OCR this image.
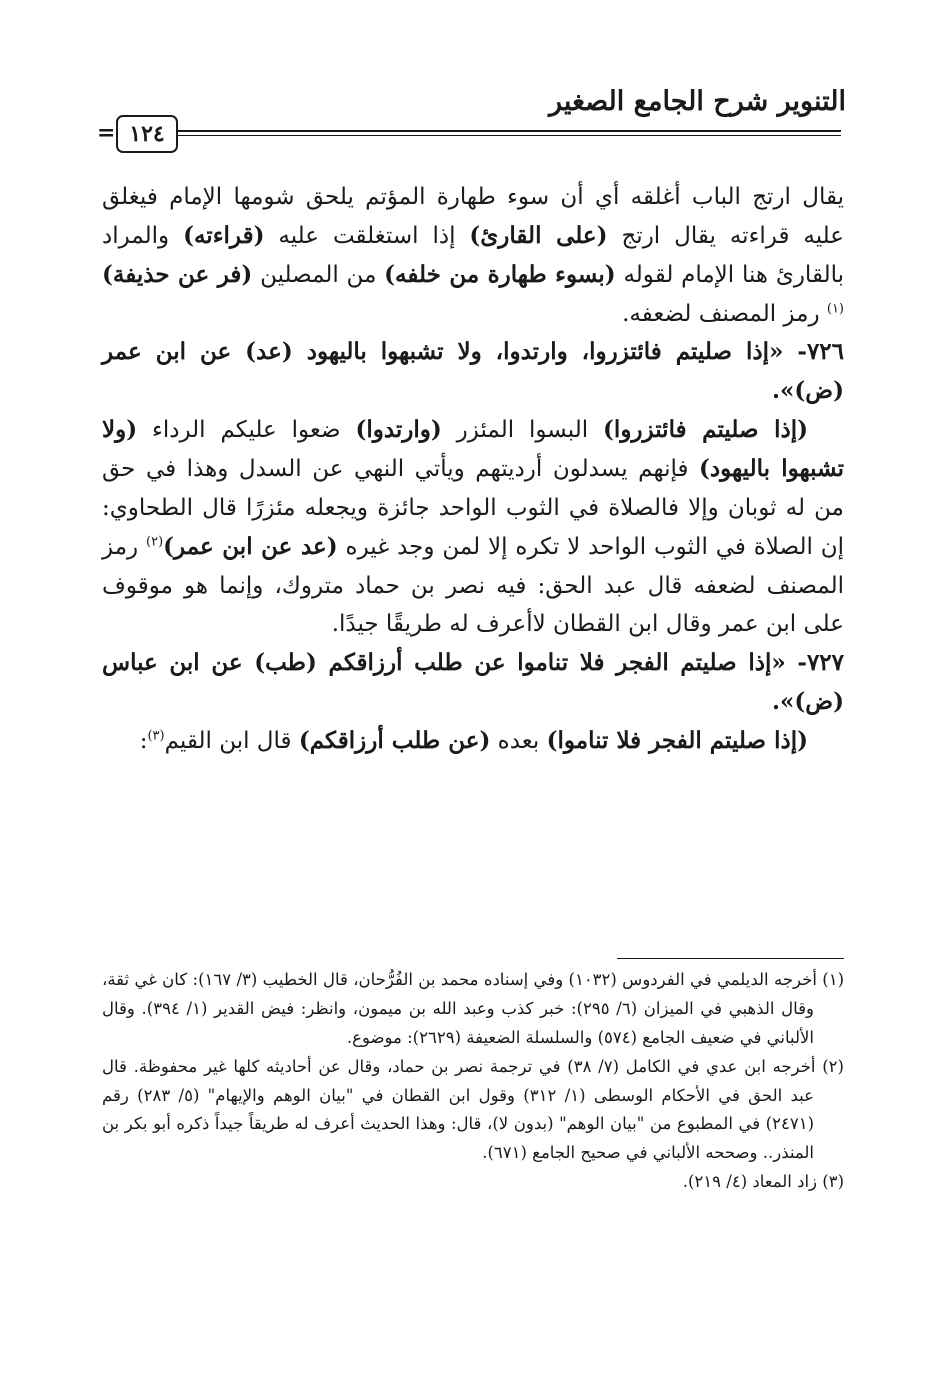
التنوير شرح الجامع الصغير
١٢٤
=

يقال ارتج الباب أغلقه أي أن سوء طهارة المؤتم يلحق شومها الإمام فيغلق عليه قراءته يقال ارتج (على القارئ) إذا استغلقت عليه (قراءته) والمراد بالقارئ هنا الإمام لقوله (بسوء طهارة من خلفه) من المصلين (فر عن حذيفة)$^{(١)}$ رمز المصنف لضعفه.

٧٢٦- «إذا صليتم فائتزروا، وارتدوا، ولا تشبهوا باليهود (عد) عن ابن عمر (ض)».

(إذا صليتم فائتزروا) البسوا المئزر (وارتدوا) ضعوا عليكم الرداء (ولا تشبهوا باليهود) فإنهم يسدلون أرديتهم ويأتي النهي عن السدل وهذا في حق من له ثوبان وإلا فالصلاة في الثوب الواحد جائزة ويجعله مئزرًا قال الطحاوي: إن الصلاة في الثوب الواحد لا تكره إلا لمن وجد غيره (عد عن ابن عمر)$^{(٢)}$ رمز المصنف لضعفه قال عبد الحق: فيه نصر بن حماد متروك، وإنما هو موقوف على ابن عمر وقال ابن القطان لاأعرف له طريقًا جيدًا.

٧٢٧- «إذا صليتم الفجر فلا تناموا عن طلب أرزاقكم (طب) عن ابن عباس (ض)».

(إذا صليتم الفجر فلا تناموا) بعده (عن طلب أرزاقكم) قال ابن القيم$^{(٣)}$:

(١) أخرجه الديلمي في الفردوس (١٠٣٢) وفي إسناده محمد بن الفُرُّحان، قال الخطيب (٣/ ١٦٧): كان غي ثقة، وقال الذهبي في الميزان (٦/ ٢٩٥): خبر كذب وعبد الله بن ميمون، وانظر: فيض القدير (١/ ٣٩٤). وقال الألباني في ضعيف الجامع (٥٧٤) والسلسلة الضعيفة (٢٦٢٩): موضوع.

(٢) أخرجه ابن عدي في الكامل (٧/ ٣٨) في ترجمة نصر بن حماد، وقال عن أحاديثه كلها غير محفوظة. قال عبد الحق في الأحكام الوسطى (١/ ٣١٢) وقول ابن القطان في "بيان الوهم والإيهام" (٥/ ٢٨٣) رقم (٢٤٧١) في المطبوع من "بيان الوهم" (بدون لا)، قال: وهذا الحديث أعرف له طريقاً جيداً ذكره أبو بكر بن المنذر.. وصححه الألباني في صحيح الجامع (٦٧١).

(٣) زاد المعاد (٤/ ٢١٩).
